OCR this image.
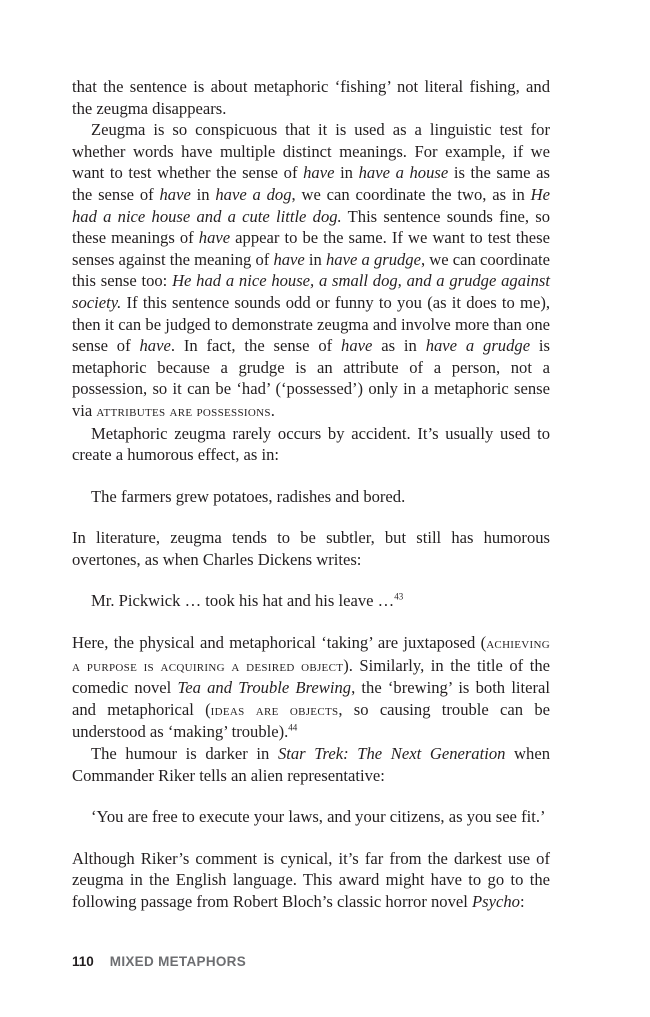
that the sentence is about metaphoric ‘fishing’ not literal fishing, and the zeugma disappears.

Zeugma is so conspicuous that it is used as a linguistic test for whether words have multiple distinct meanings. For example, if we want to test whether the sense of have in have a house is the same as the sense of have in have a dog, we can coordinate the two, as in He had a nice house and a cute little dog. This sentence sounds fine, so these meanings of have appear to be the same. If we want to test these senses against the meaning of have in have a grudge, we can coordinate this sense too: He had a nice house, a small dog, and a grudge against society. If this sentence sounds odd or funny to you (as it does to me), then it can be judged to demonstrate zeugma and involve more than one sense of have. In fact, the sense of have as in have a grudge is metaphoric because a grudge is an attribute of a person, not a possession, so it can be ‘had’ (‘possessed’) only in a metaphoric sense via attributes are possessions.

Metaphoric zeugma rarely occurs by accident. It’s usually used to create a humorous effect, as in:

The farmers grew potatoes, radishes and bored.

In literature, zeugma tends to be subtler, but still has humorous overtones, as when Charles Dickens writes:

Mr. Pickwick … took his hat and his leave …$^{43}$

Here, the physical and metaphorical ‘taking’ are juxtaposed (achieving a purpose is acquiring a desired object). Similarly, in the title of the comedic novel Tea and Trouble Brewing, the ‘brewing’ is both literal and metaphorical (ideas are objects, so causing trouble can be understood as ‘making’ trouble).$^{44}$

The humour is darker in Star Trek: The Next Generation when Commander Riker tells an alien representative:

‘You are free to execute your laws, and your citizens, as you see fit.’

Although Riker’s comment is cynical, it’s far from the darkest use of zeugma in the English language. This award might have to go to the following passage from Robert Bloch’s classic horror novel Psycho:

110 MIXED METAPHORS
